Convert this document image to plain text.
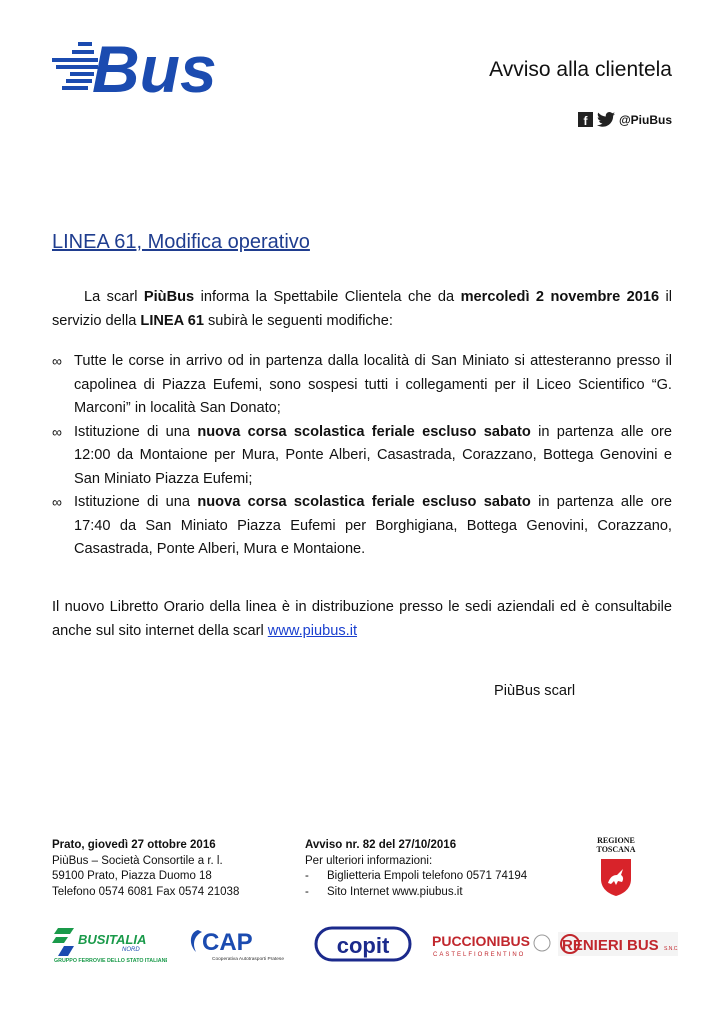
Bus	Avviso alla clientela
f	@PiuBus
LINEA 61, Modifica operativo
La scarl PiùBus informa la Spettabile Clientela che da mercoledì 2 novembre 2016 il servizio della LINEA 61 subirà le seguenti modifiche:
∞ Tutte le corse in arrivo od in partenza dalla località di San Miniato si attesteranno presso il capolinea di Piazza Eufemi, sono sospesi tutti i collegamenti per il Liceo Scientifico “G. Marconi” in località San Donato;
∞ Istituzione di una nuova corsa scolastica feriale escluso sabato in partenza alle ore 12:00 da Montaione per Mura, Ponte Alberi, Casastrada, Corazzano, Bottega Genovini e San Miniato Piazza Eufemi;
∞ Istituzione di una nuova corsa scolastica feriale escluso sabato in partenza alle ore 17:40 da San Miniato Piazza Eufemi per Borghigiana, Bottega Genovini, Corazzano, Casastrada, Ponte Alberi, Mura e Montaione.
Il nuovo Libretto Orario della linea è in distribuzione presso le sedi aziendali ed è consultabile anche sul sito internet della scarl www.piubus.it
PiùBus scarl
Prato, giovedì 27 ottobre 2016
PiùBus – Società Consortile a r. l.
59100 Prato, Piazza Duomo 18
Telefono 0574 6081 Fax 0574 21038
Avviso nr. 82 del 27/10/2016
Per ulteriori informazioni:
-	Biglietteria Empoli telefono 0571 74194
-	Sito Internet www.piubus.it
REGIONE
TOSCANA
BUSITALIA
NORD
GRUPPO FERROVIE DELLO STATO ITALIANE
CAP
Cooperativa Autotrasporti Pratese
copit	PUCCIONIBUS
CASTELFIORENTINO
RENIERI BUS S.N.C.
